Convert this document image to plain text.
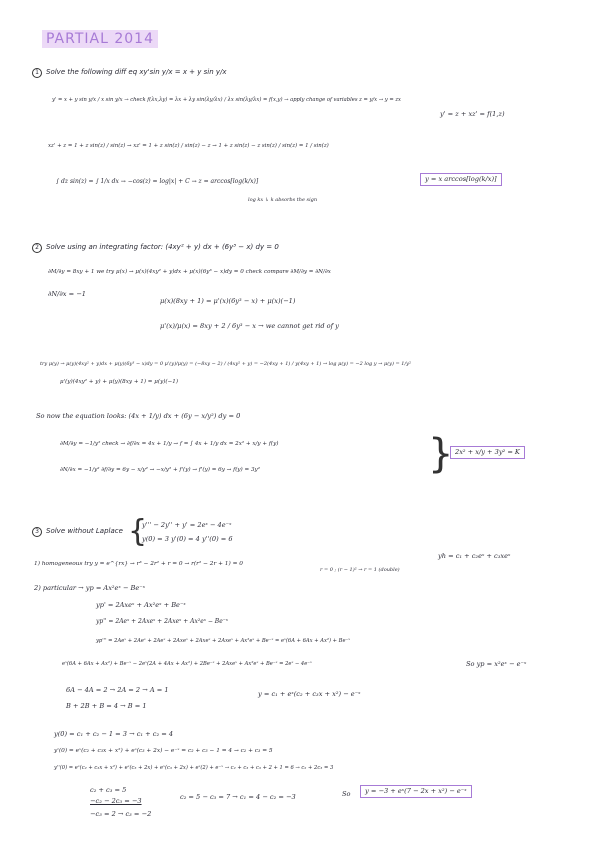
PARTIAL 2014
1 Solve the following diff eq xy'sin y/x = x + y sin y/x
y' = x + y sin y/x / x sin y/x → check f(λx,λy) = λx + λy sin(λy/λx) / λx sin(λy/λx) = f(x,y) → apply change of variables z = y/x → y = zx
y' = z + xz' = f(1,z)
xz' + z = 1 + z sin(z) / sin(z) → xz' = 1 + z sin(z) / sin(z) − z → 1 + z sin(z) − z sin(z) / sin(z) = 1 / sin(z)
∫ dz sin(z) = ∫ 1/x dx → −cos(z) = log|x| + C → z = arccos[log(k/x)]
log kx ↳ k absorbs the sign
y = x arccos[log(k/x)]
2 Solve using an integrating factor: (4xy² + y) dx + (6y³ − x) dy = 0
∂M/∂y = 8xy + 1 we try μ(x) → μ(x)(4xy² + y)dx + μ(x)(6y³ − x)dy = 0 check compare ∂M/∂y = ∂N/∂x
∂N/∂x = −1
μ(x)(8xy + 1) = μ'(x)(6y³ − x) + μ(x)(−1)
μ'(x)/μ(x) = 8xy + 2 / 6y³ − x → we cannot get rid of y
try μ(y) → μ(y)(4xy² + y)dx + μ(y)(6y³ − x)dy = 0 μ'(y)/μ(y) = (−8xy − 2) / (4xy² + y) = −2(4xy + 1) / y(4xy + 1) → log μ(y) = −2 log y → μ(y) = 1/y²
μ'(y)(4xy² + y) + μ(y)(8xy + 1) = μ(y)(−1)
So now the equation looks: (4x + 1/y) dx + (6y − x/y²) dy = 0
∂M/∂y = −1/y² check → ∂f/∂x = 4x + 1/y → f = ∫ 4x + 1/y dx = 2x² + x/y + f(y)
∂N/∂x = −1/y² ∂f/∂y = 6y − x/y² → −x/y² + f'(y) → f'(y) = 6y → f(y) = 3y²	} 2x² + x/y + 3y² = K
3 Solve without Laplace {
y''' − 2y'' + y' = 2eˣ − 4e⁻ˣ
y(0) = 3 y'(0) = 4 y''(0) = 6
1) homogeneous try y = e^{rx} → r³ − 2r² + r = 0 → r(r² − 2r + 1) = 0
r = 0 ; (r − 1)² → r = 1 (double)
yh = c₁ + c₂eˣ + c₃xeˣ
2) particular → yp = Ax²eˣ − Be⁻ˣ
yp' = 2Axeˣ + Ax²eˣ + Be⁻ˣ
yp'' = 2Aeˣ + 2Axeˣ + 2Axeˣ + Ax²eˣ − Be⁻ˣ
yp''' = 2Aeˣ + 2Aeˣ + 2Aeˣ + 2Axeˣ + 2Axeˣ + 2Axeˣ + Ax²eˣ + Be⁻ˣ = eˣ(6A + 6Ax + Ax²) + Be⁻ˣ
eˣ(6A + 6Ax + Ax²) + Be⁻ˣ − 2eˣ(2A + 4Ax + Ax²) + 2Be⁻ˣ + 2Axeˣ + Ax²eˣ + Be⁻ˣ = 2eˣ − 4e⁻ˣ	So yp = x²eˣ − e⁻ˣ
6A − 4A = 2 → 2A = 2 → A = 1	y = c₁ + eˣ(c₂ + c₃x + x²) − e⁻ˣ
B + 2B + B = 4 → B = 1
y(0) = c₁ + c₂ − 1 = 3 → c₁ + c₂ = 4
y'(0) = eˣ(c₂ + c₃x + x²) + eˣ(c₃ + 2x) − e⁻ˣ = c₂ + c₃ − 1 = 4 → c₂ + c₃ = 5
y''(0) = eˣ(c₂ + c₃x + x²) + eˣ(c₃ + 2x) + eˣ(c₃ + 2x) + eˣ(2) + e⁻ˣ → c₂ + c₃ + c₃ + 2 + 1 = 6 → c₂ + 2c₃ = 3
c₂ + c₃ = 5
−c₂ − 2c₃ = −3
−c₃ = 2 → c₃ = −2
c₂ = 5 − c₃ = 7 → c₁ = 4 − c₂ = −3	So	y = −3 + eˣ(7 − 2x + x²) − e⁻ˣ
